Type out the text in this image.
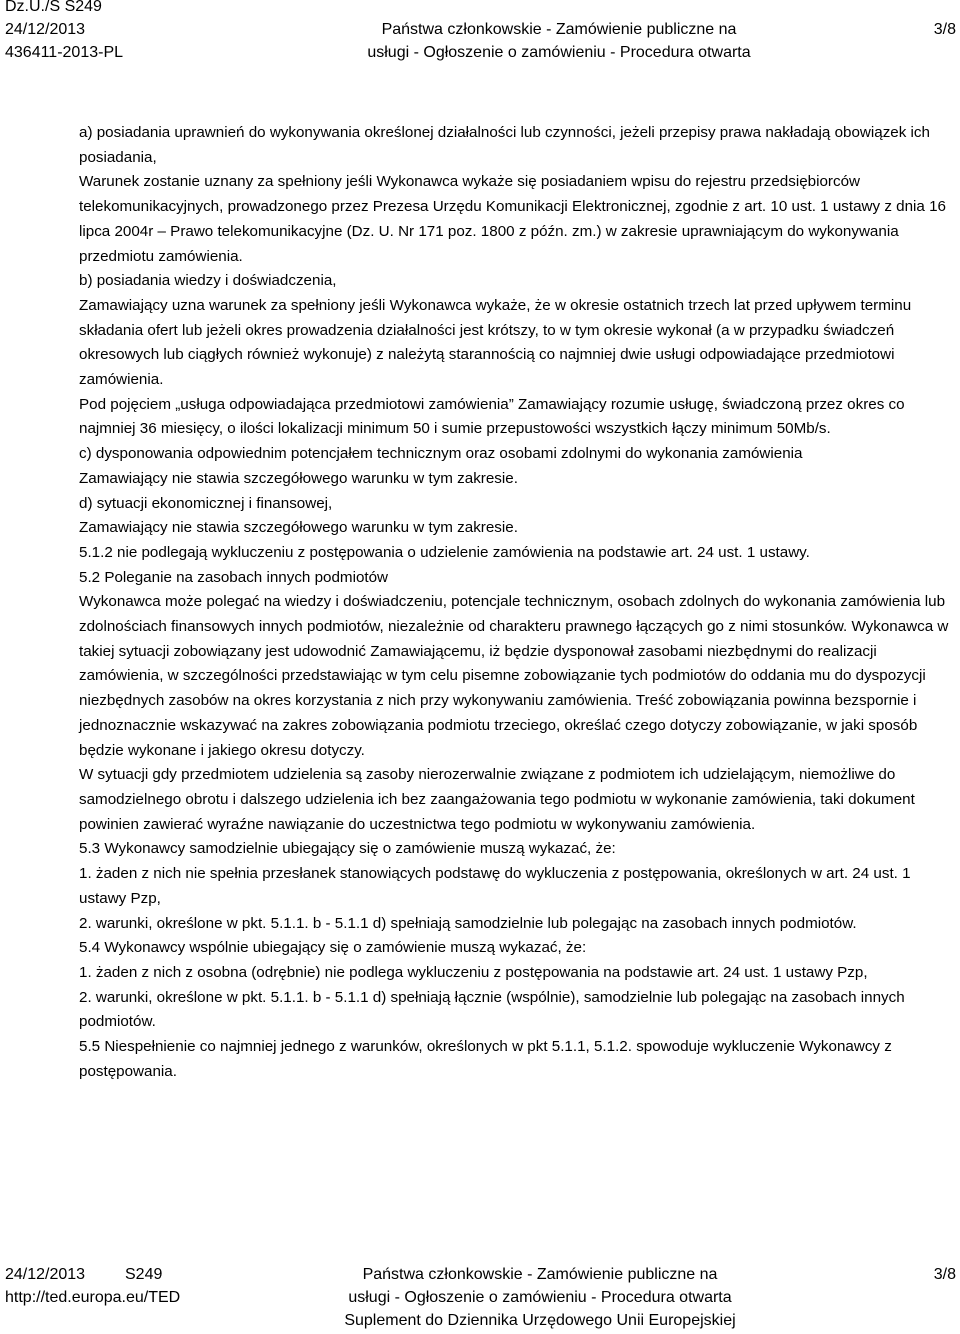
Dz.U./S S249
24/12/2013
436411-2013-PL
Państwa członkowskie - Zamówienie publiczne na
usługi - Ogłoszenie o zamówieniu - Procedura otwarta
3/8

a) posiadania uprawnień do wykonywania określonej działalności lub czynności, jeżeli przepisy prawa nakładają obowiązek ich posiadania,

Warunek zostanie uznany za spełniony jeśli Wykonawca wykaże się posiadaniem wpisu do rejestru przedsiębiorców telekomunikacyjnych, prowadzonego przez Prezesa Urzędu Komunikacji Elektronicznej, zgodnie z art. 10 ust. 1 ustawy z dnia 16 lipca 2004r – Prawo telekomunikacyjne (Dz. U. Nr 171 poz. 1800 z późn. zm.) w zakresie uprawniającym do wykonywania przedmiotu zamówienia.

b) posiadania wiedzy i doświadczenia,

Zamawiający uzna warunek za spełniony jeśli Wykonawca wykaże, że w okresie ostatnich trzech lat przed upływem terminu składania ofert lub jeżeli okres prowadzenia działalności jest krótszy, to w tym okresie wykonał (a w przypadku świadczeń okresowych lub ciągłych również wykonuje) z należytą starannością co najmniej dwie usługi odpowiadające przedmiotowi zamówienia.

Pod pojęciem „usługa odpowiadająca przedmiotowi zamówienia” Zamawiający rozumie usługę, świadczoną przez okres co najmniej 36 miesięcy, o ilości lokalizacji minimum 50 i sumie przepustowości wszystkich łączy minimum 50Mb/s.

c) dysponowania odpowiednim potencjałem technicznym oraz osobami zdolnymi do wykonania zamówienia

Zamawiający nie stawia szczegółowego warunku w tym zakresie.

d) sytuacji ekonomicznej i finansowej,

Zamawiający nie stawia szczegółowego warunku w tym zakresie.

5.1.2 nie podlegają wykluczeniu z postępowania o udzielenie zamówienia na podstawie art. 24 ust. 1 ustawy.

5.2 Poleganie na zasobach innych podmiotów

Wykonawca może polegać na wiedzy i doświadczeniu, potencjale technicznym, osobach zdolnych do wykonania zamówienia lub zdolnościach finansowych innych podmiotów, niezależnie od charakteru prawnego łączących go z nimi stosunków. Wykonawca w takiej sytuacji zobowiązany jest udowodnić Zamawiającemu, iż będzie dysponował zasobami niezbędnymi do realizacji zamówienia, w szczególności przedstawiając w tym celu pisemne zobowiązanie tych podmiotów do oddania mu do dyspozycji niezbędnych zasobów na okres korzystania z nich przy wykonywaniu zamówienia. Treść zobowiązania powinna bezspornie i jednoznacznie wskazywać na zakres zobowiązania podmiotu trzeciego, określać czego dotyczy zobowiązanie, w jaki sposób będzie wykonane i jakiego okresu dotyczy.

W sytuacji gdy przedmiotem udzielenia są zasoby nierozerwalnie związane z podmiotem ich udzielającym, niemożliwe do samodzielnego obrotu i dalszego udzielenia ich bez zaangażowania tego podmiotu w wykonanie zamówienia, taki dokument powinien zawierać wyraźne nawiązanie do uczestnictwa tego podmiotu w wykonywaniu zamówienia.

5.3 Wykonawcy samodzielnie ubiegający się o zamówienie muszą wykazać, że:

1. żaden z nich nie spełnia przesłanek stanowiących podstawę do wykluczenia z postępowania, określonych w art. 24 ust. 1 ustawy Pzp,

2. warunki, określone w pkt. 5.1.1. b - 5.1.1 d) spełniają samodzielnie lub polegając na zasobach innych podmiotów.

5.4 Wykonawcy wspólnie ubiegający się o zamówienie muszą wykazać, że:

1. żaden z nich z osobna (odrębnie) nie podlega wykluczeniu z postępowania na podstawie art. 24 ust. 1 ustawy Pzp,

2. warunki, określone w pkt. 5.1.1. b - 5.1.1 d) spełniają łącznie (wspólnie), samodzielnie lub polegając na zasobach innych podmiotów.

5.5 Niespełnienie co najmniej jednego z warunków, określonych w pkt 5.1.1, 5.1.2. spowoduje wykluczenie Wykonawcy z postępowania.

24/12/2013 S249
http://ted.europa.eu/TED
Państwa członkowskie - Zamówienie publiczne na
usługi - Ogłoszenie o zamówieniu - Procedura otwarta
Suplement do Dziennika Urzędowego Unii Europejskiej
3/8
